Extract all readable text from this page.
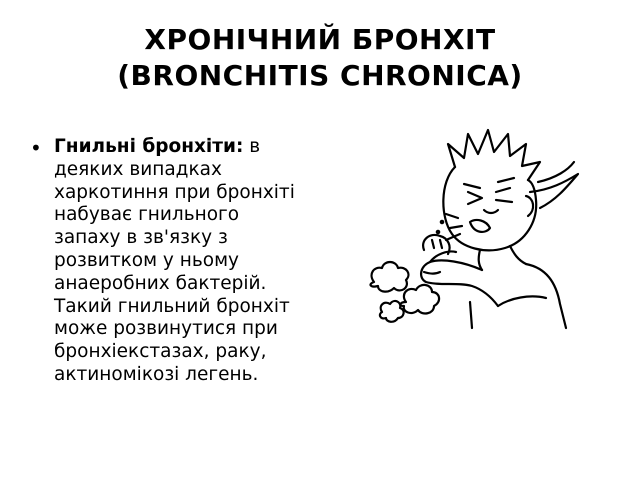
ХРОНІЧНИЙ БРОНХІТ
(BRONCHITIS CHRONICA)
• Гнильні бронхіти: в деяких випадках харкотиння при бронхіті набуває гнильного запаху в зв'язку з розвитком у ньому анаеробних бактерій. Такий гнильний бронхіт може розвинутися при бронхіекстазах, раку, актиномікозі легень.
